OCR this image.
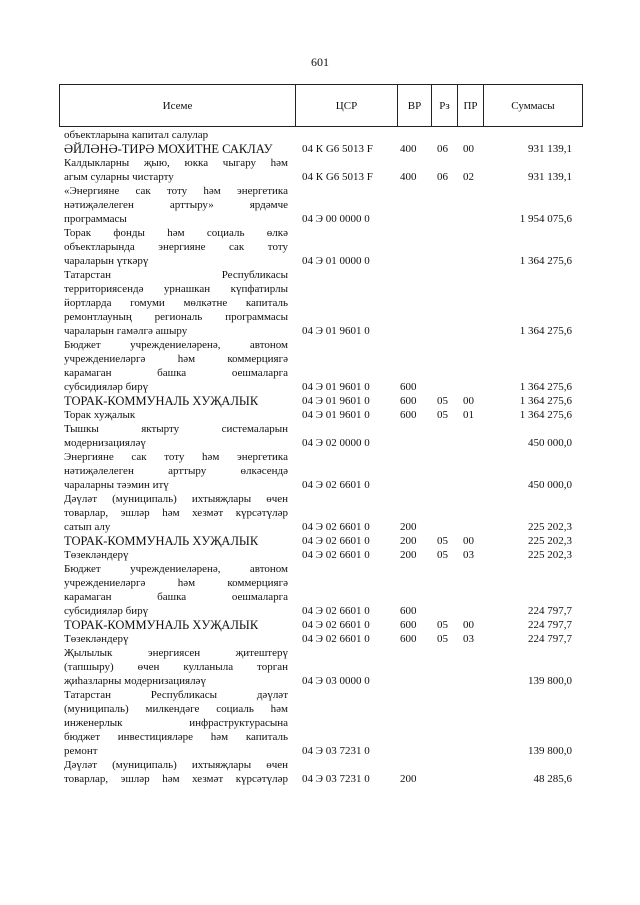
601
Исеме	ЦСР	ВР	Рз	ПР	Суммасы
объектларына капитал салулар
ӘЙЛӘНӘ-ТИРӘ МОХИТНЕ САКЛАУ	04 К G6 5013 F	400	06	00	931 139,1
Калдыкларны җыю, юкка чыгару һәм
агым суларны чистарту	04 К G6 5013 F	400	06	02	931 139,1
«Энергияне сак тоту һәм энергетика
нәтиҗәлелеген арттыру» ярдәмче
программасы	04 Э 00 0000 0	1 954 075,6
Торак фонды һәм социаль өлкә
объектларында энергияне сак тоту
чараларын үткәрү	04 Э 01 0000 0	1 364 275,6
Татарстан Республикасы
территориясендә урнашкан күпфатирлы
йортларда гомуми мөлкәтне капиталь
ремонтлауның региональ программасы
чараларын гамәлгә ашыру	04 Э 01 9601 0	1 364 275,6
Бюджет учреждениеләренә, автоном
учреждениеләргә һәм коммерциягә
карамаган башка оешмаларга
субсидияләр бирү	04 Э 01 9601 0	600	1 364 275,6
ТОРАК-КОММУНАЛЬ ХУҖАЛЫК	04 Э 01 9601 0	600	05	00	1 364 275,6
Торак хуҗалык	04 Э 01 9601 0	600	05	01	1 364 275,6
Тышкы яктырту системаларын
модернизацияләү	04 Э 02 0000 0	450 000,0
Энергияне сак тоту һәм энергетика
нәтиҗәлелеген арттыру өлкәсендә
чараларны тәэмин итү	04 Э 02 6601 0	450 000,0
Дәүләт (муниципаль) ихтыяҗлары өчен
товарлар, эшләр һәм хезмәт күрсәтүләр
сатып алу	04 Э 02 6601 0	200	225 202,3
ТОРАК-КОММУНАЛЬ ХУҖАЛЫК	04 Э 02 6601 0	200	05	00	225 202,3
Төзекләндерү	04 Э 02 6601 0	200	05	03	225 202,3
Бюджет учреждениеләренә, автоном
учреждениеләргә һәм коммерциягә
карамаган башка оешмаларга
субсидияләр бирү	04 Э 02 6601 0	600	224 797,7
ТОРАК-КОММУНАЛЬ ХУҖАЛЫК	04 Э 02 6601 0	600	05	00	224 797,7
Төзекләндерү	04 Э 02 6601 0	600	05	03	224 797,7
Җылылык энергиясен җитештерү
(тапшыру) өчен кулланыла торган
җиһазларны модернизацияләү	04 Э 03 0000 0	139 800,0
Татарстан Республикасы дәүләт
(муниципаль) милкендәге социаль һәм
инженерлык инфраструктурасына
бюджет инвестицияләре һәм капиталь
ремонт	04 Э 03 7231 0	139 800,0
Дәүләт (муниципаль) ихтыяҗлары өчен
товарлар, эшләр һәм хезмәт күрсәтүләр 04 Э 03 7231 0	200	48 285,6
